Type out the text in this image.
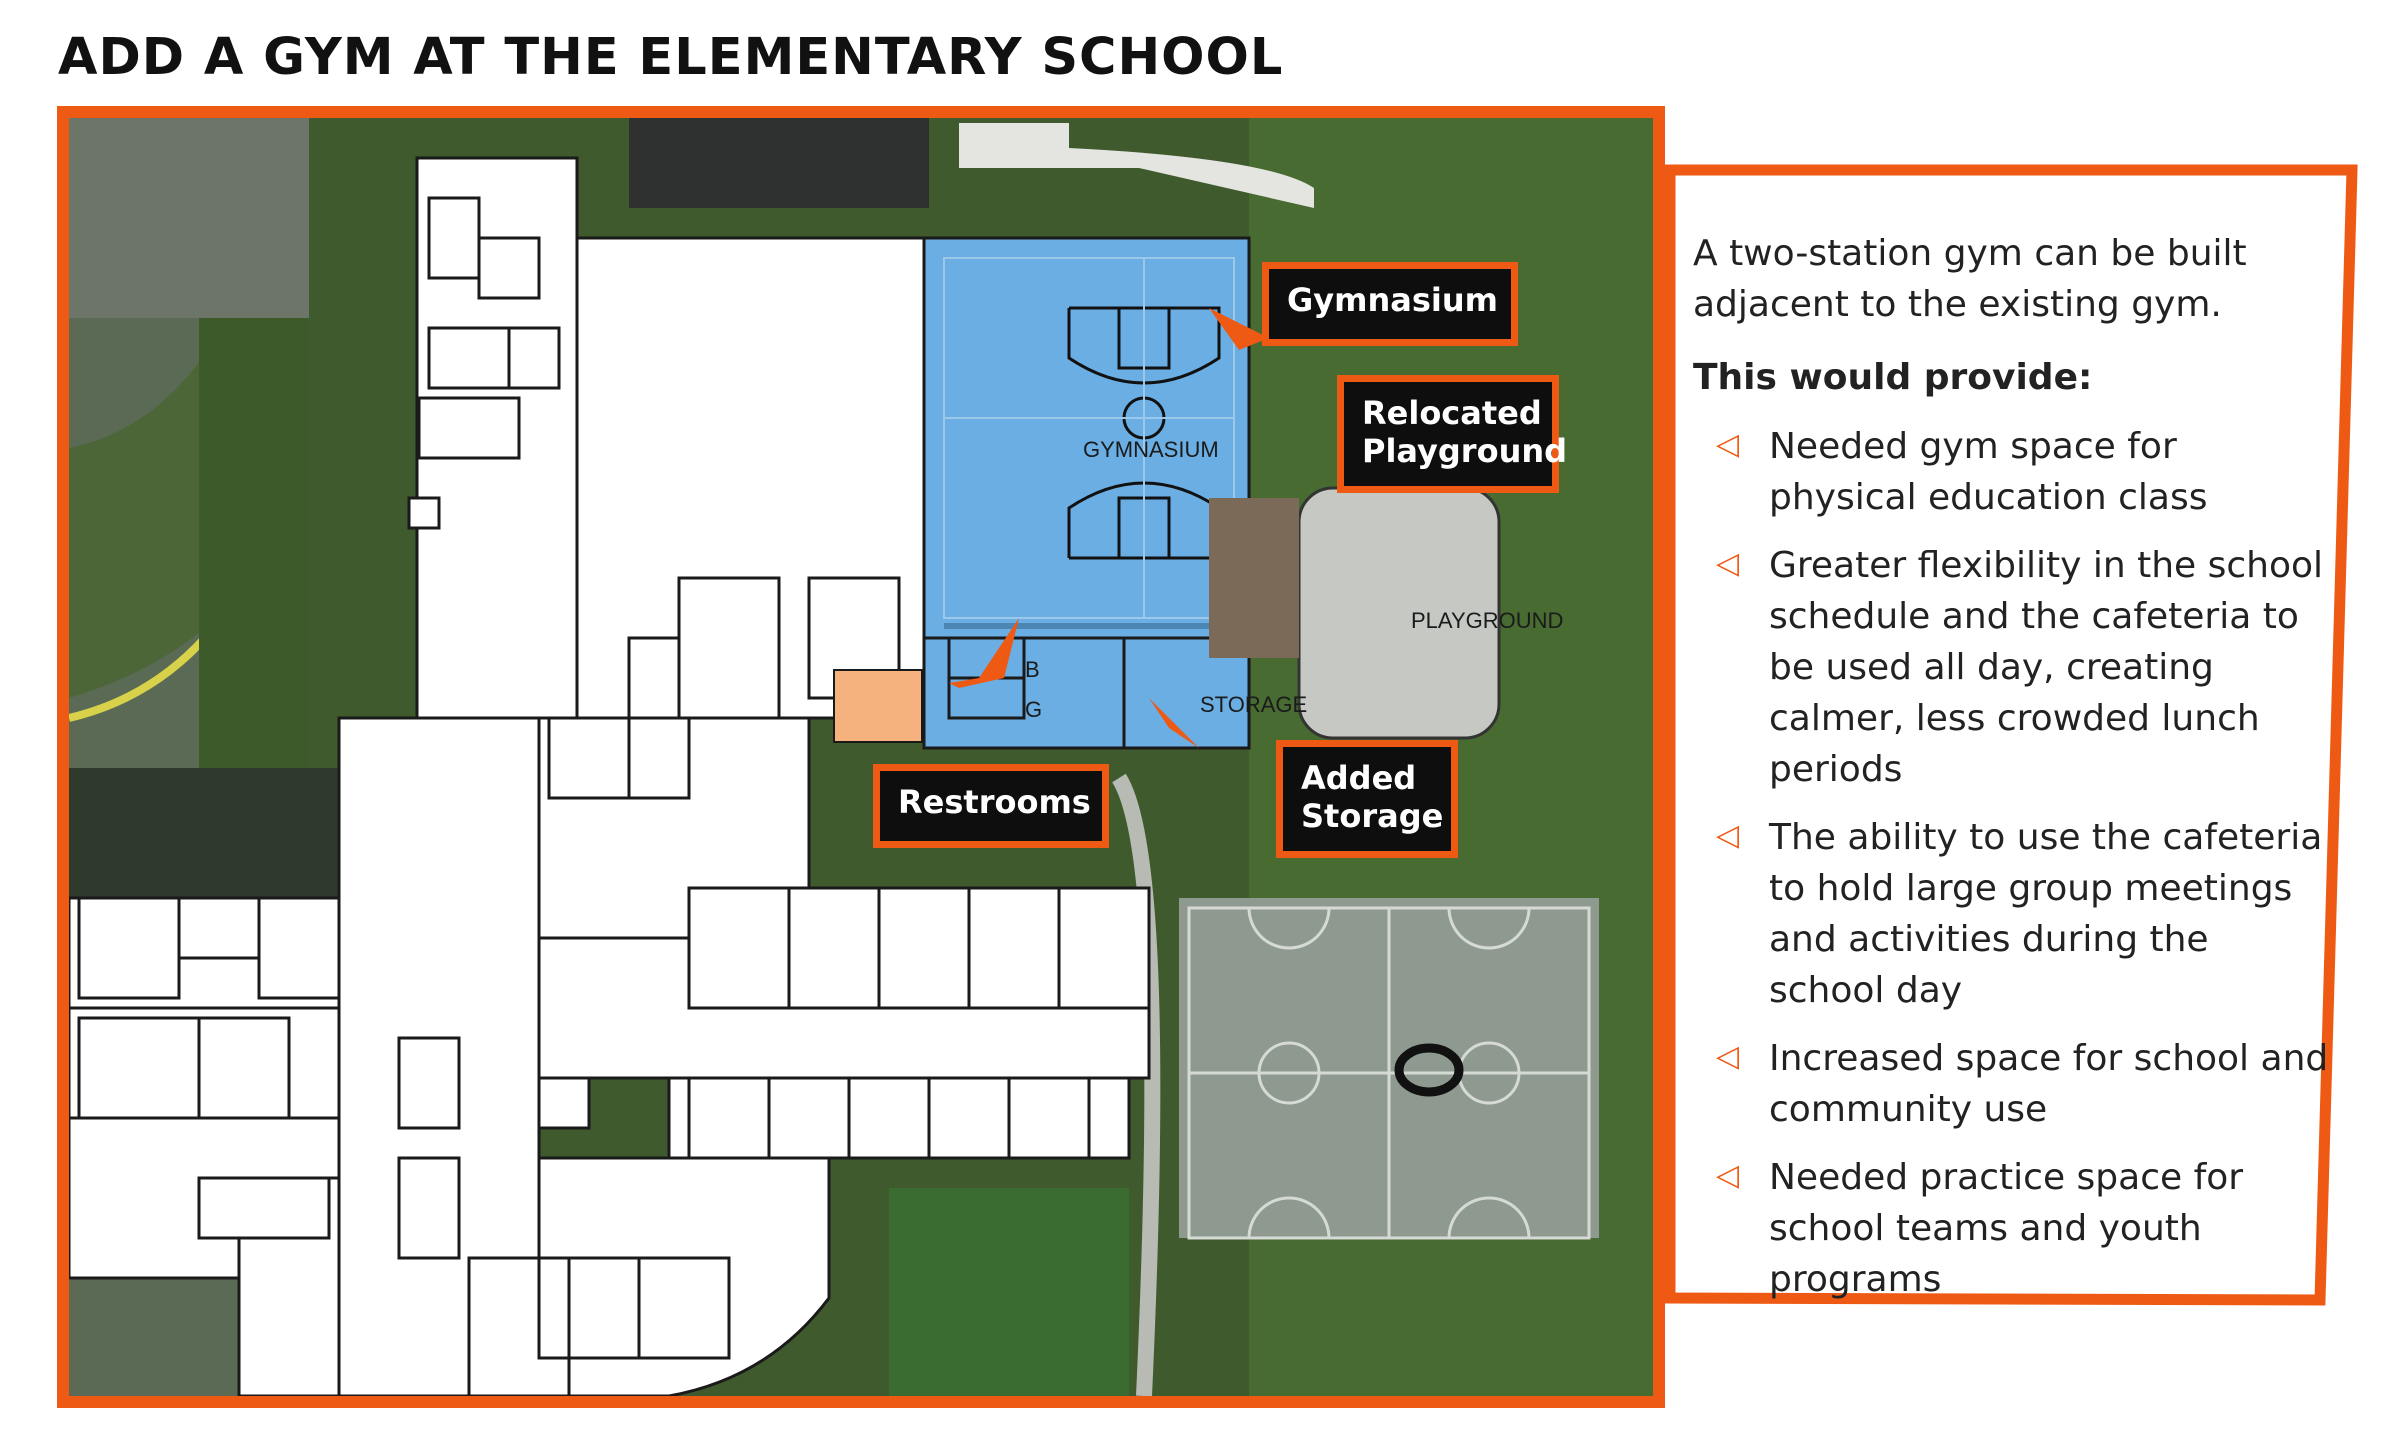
ADD A GYM AT THE ELEMENTARY SCHOOL
GYMNASIUM
PLAYGROUND
STORAGE
B
G
Gymnasium
Relocated
Playground
Restrooms
Added
Storage

A two-station gym can be built adjacent to the existing gym.

This would provide:

◁ Needed gym space for physical education class
◁ Greater flexibility in the school schedule and the cafeteria to be used all day, creating calmer, less crowded lunch periods
◁ The ability to use the cafeteria to hold large group meetings and activities during the school day
◁ Increased space for school and community use
◁ Needed practice space for school teams and youth programs
